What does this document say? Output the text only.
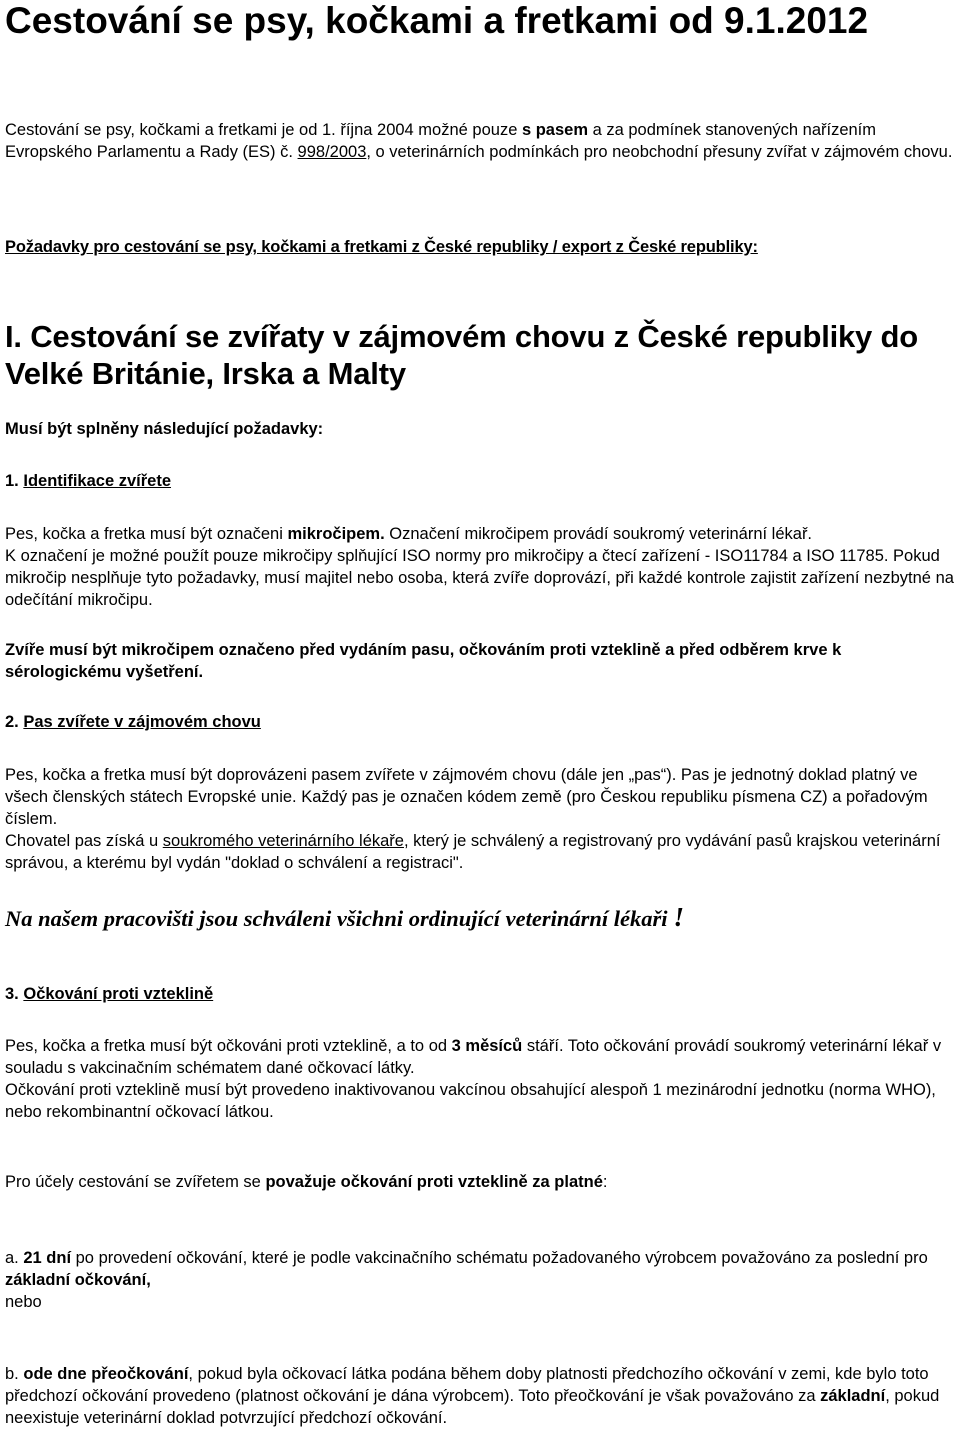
Cestování se psy, kočkami a fretkami od 9.1.2012

Cestování se psy, kočkami a fretkami je od 1. října 2004 možné pouze s pasem a za podmínek stanovených nařízením Evropského Parlamentu a Rady (ES) č. 998/2003, o veterinárních podmínkách pro neobchodní přesuny zvířat v zájmovém chovu.

Požadavky pro cestování se psy, kočkami a fretkami z České republiky / export z České republiky:

I. Cestování se zvířaty v zájmovém chovu z České republiky do Velké Británie, Irska a Malty

Musí být splněny následující požadavky:

1. Identifikace zvířete

Pes, kočka a fretka musí být označeni mikročipem. Označení mikročipem provádí soukromý veterinární lékař.

K označení je možné použít pouze mikročipy splňující ISO normy pro mikročipy a čtecí zařízení - ISO11784 a ISO 11785. Pokud mikročip nesplňuje tyto požadavky, musí majitel nebo osoba, která zvíře doprovází, při každé kontrole zajistit zařízení nezbytné na odečítání mikročipu.

Zvíře musí být mikročipem označeno před vydáním pasu, očkováním proti vzteklině a před odběrem krve k sérologickému vyšetření.

2. Pas zvířete v zájmovém chovu

Pes, kočka a fretka musí být doprovázeni pasem zvířete v zájmovém chovu (dále jen „pas“). Pas je jednotný doklad platný ve všech členských státech Evropské unie. Každý pas je označen kódem země (pro Českou republiku písmena CZ) a pořadovým číslem.

Chovatel pas získá u soukromého veterinárního lékaře, který je schválený a registrovaný pro vydávání pasů krajskou veterinární správou, a kterému byl vydán "doklad o schválení a registraci".

Na našem pracovišti jsou schváleni všichni ordinující veterinární lékaři !

3. Očkování proti vzteklině

Pes, kočka a fretka musí být očkováni proti vzteklině, a to od 3 měsíců stáří. Toto očkování provádí soukromý veterinární lékař v souladu s vakcinačním schématem dané očkovací látky.

Očkování proti vzteklině musí být provedeno inaktivovanou vakcínou obsahující alespoň 1 mezinárodní jednotku (norma WHO), nebo rekombinantní očkovací látkou.

Pro účely cestování se zvířetem se považuje očkování proti vzteklině za platné:

a. 21 dní po provedení očkování, které je podle vakcinačního schématu požadovaného výrobcem považováno za poslední pro základní očkování,
nebo

b. ode dne přeočkování, pokud byla očkovací látka podána během doby platnosti předchozího očkování v zemi, kde bylo toto předchozí očkování provedeno (platnost očkování je dána výrobcem). Toto přeočkování je však považováno za základní, pokud neexistuje veterinární doklad potvrzující předchozí očkování.
